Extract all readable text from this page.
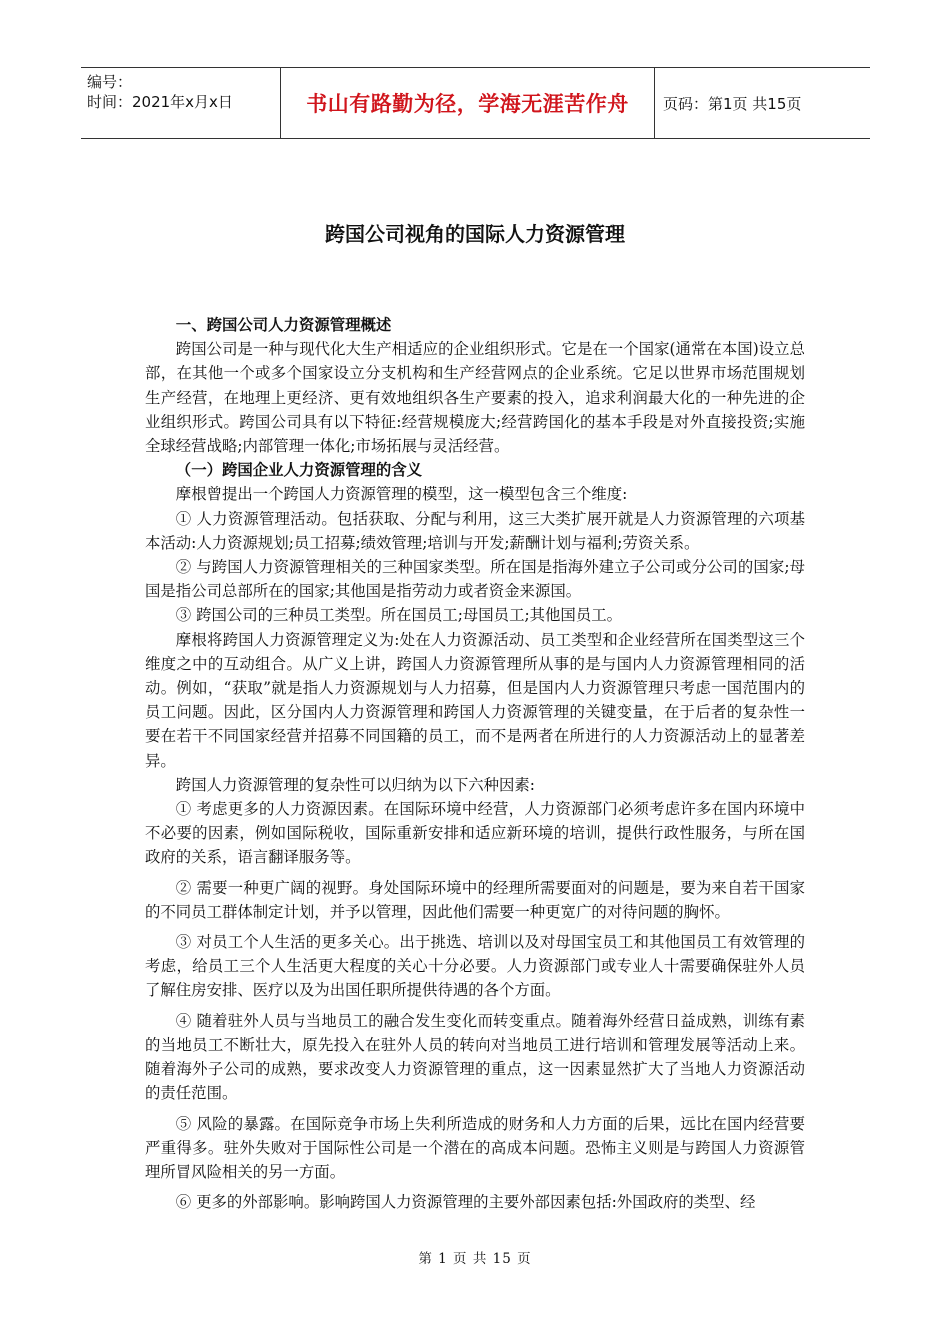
编号：
时间：2021年x月x日	书山有路勤为径，学海无涯苦作舟 页码：第1页 共15页
跨国公司视角的国际人力资源管理
一、跨国公司人力资源管理概述

跨国公司是一种与现代化大生产相适应的企业组织形式。它是在一个国家(通常在本国)设立总部，在其他一个或多个国家设立分支机构和生产经营网点的企业系统。它足以世界市场范围规划生产经营，在地理上更经济、更有效地组织各生产要素的投入，追求利润最大化的一种先进的企业组织形式。跨国公司具有以下特征:经营规模庞大;经营跨国化的基本手段是对外直接投资;实施全球经营战略;内部管理一体化;市场拓展与灵活经营。

（一）跨国企业人力资源管理的含义

摩根曾提出一个跨国人力资源管理的模型，这一模型包含三个维度:

① 人力资源管理活动。包括获取、分配与利用，这三大类扩展开就是人力资源管理的六项基本活动:人力资源规划;员工招募;绩效管理;培训与开发;薪酬计划与福利;劳资关系。

② 与跨国人力资源管理相关的三种国家类型。所在国是指海外建立子公司或分公司的国家;母国是指公司总部所在的国家;其他国是指劳动力或者资金来源国。

③ 跨国公司的三种员工类型。所在国员工;母国员工;其他国员工。

摩根将跨国人力资源管理定义为:处在人力资源活动、员工类型和企业经营所在国类型这三个维度之中的互动组合。从广义上讲，跨国人力资源管理所从事的是与国内人力资源管理相同的活动。例如，“获取”就是指人力资源规划与人力招募，但是国内人力资源管理只考虑一国范围内的员工问题。因此，区分国内人力资源管理和跨国人力资源管理的关键变量，在于后者的复杂性一要在若干不同国家经营并招募不同国籍的员工，而不是两者在所进行的人力资源活动上的显著差异。

跨国人力资源管理的复杂性可以归纳为以下六种因素:

① 考虑更多的人力资源因素。在国际环境中经营，人力资源部门必须考虑许多在国内环境中不必要的因素，例如国际税收，国际重新安排和适应新环境的培训，提供行政性服务，与所在国政府的关系，语言翻译服务等。

② 需要一种更广阔的视野。身处国际环境中的经理所需要面对的问题是，要为来自若干国家的不同员工群体制定计划，并予以管理，因此他们需要一种更宽广的对待问题的胸怀。

③ 对员工个人生活的更多关心。出于挑选、培训以及对母国宝员工和其他国员工有效管理的考虑，给员工三个人生活更大程度的关心十分必要。人力资源部门或专业人十需要确保驻外人员了解住房安排、医疗以及为出国任职所提供待遇的各个方面。

④ 随着驻外人员与当地员工的融合发生变化而转变重点。随着海外经营日益成熟，训练有素的当地员工不断壮大，原先投入在驻外人员的转向对当地员工进行培训和管理发展等活动上来。随着海外子公司的成熟，要求改变人力资源管理的重点，这一因素显然扩大了当地人力资源活动的责任范围。

⑤ 风险的暴露。在国际竞争市场上失利所造成的财务和人力方面的后果，远比在国内经营要严重得多。驻外失败对于国际性公司是一个潜在的高成本问题。恐怖主义则是与跨国人力资源管理所冒风险相关的另一方面。

⑥ 更多的外部影响。影响跨国人力资源管理的主要外部因素包括:外国政府的类型、经

第 1 页 共 15 页
